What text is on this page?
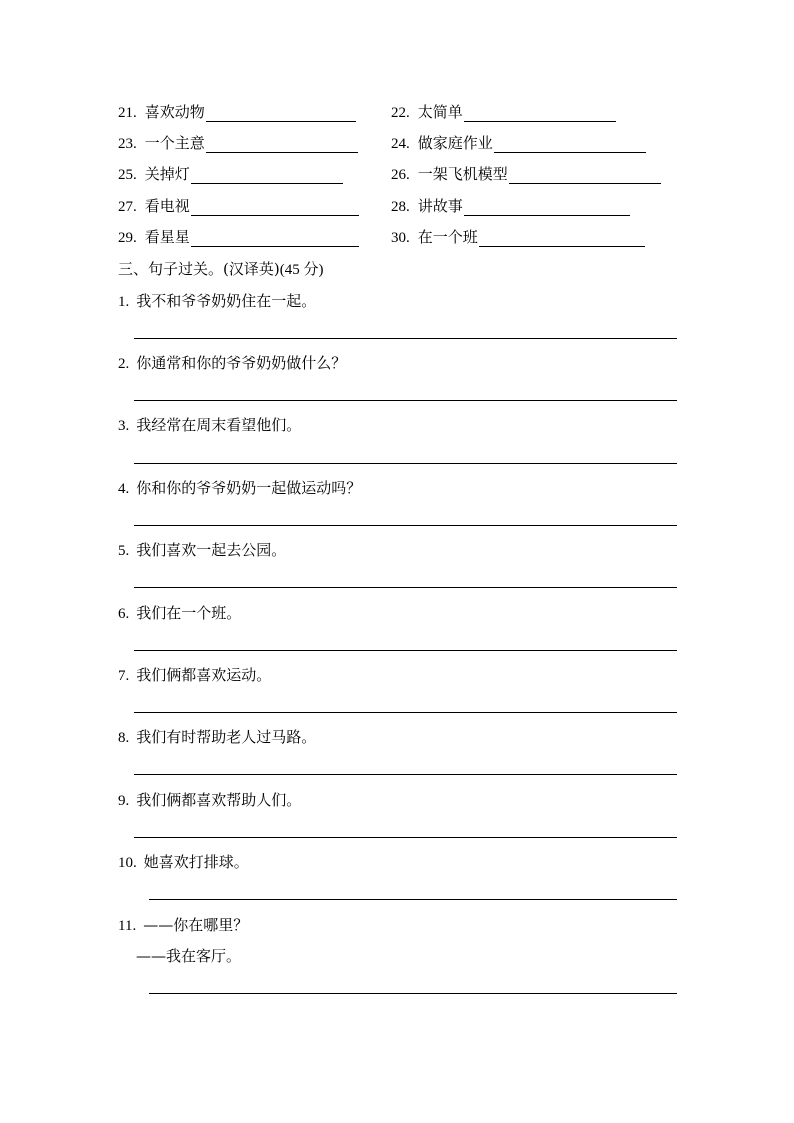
21. 喜欢动物	22. 太简单
23. 一个主意	24. 做家庭作业
25. 关掉灯	26. 一架飞机模型
27. 看电视	28. 讲故事
29. 看星星	30. 在一个班
三、句子过关。(汉译英)(45 分)
1. 我不和爷爷奶奶住在一起。
2. 你通常和你的爷爷奶奶做什么？
3. 我经常在周末看望他们。
4. 你和你的爷爷奶奶一起做运动吗？
5. 我们喜欢一起去公园。
6. 我们在一个班。
7. 我们俩都喜欢运动。
8. 我们有时帮助老人过马路。
9. 我们俩都喜欢帮助人们。
10. 她喜欢打排球。
11. ——你在哪里？
——我在客厅。
